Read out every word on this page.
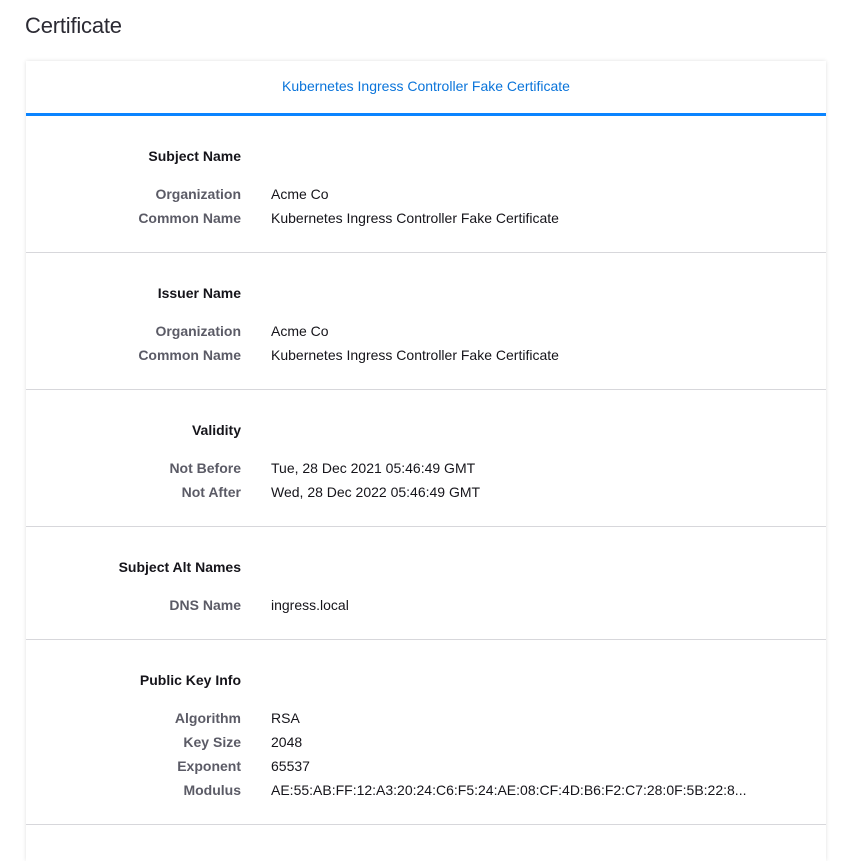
Certificate
Kubernetes Ingress Controller Fake Certificate
Subject Name
Organization Acme Co
Common Name Kubernetes Ingress Controller Fake Certificate
Issuer Name
Organization Acme Co
Common Name Kubernetes Ingress Controller Fake Certificate
Validity
Not Before Tue, 28 Dec 2021 05:46:49 GMT
Not After Wed, 28 Dec 2022 05:46:49 GMT
Subject Alt Names
DNS Name ingress.local
Public Key Info
Algorithm RSA
Key Size 2048
Exponent 65537
Modulus AE:55:AB:FF:12:A3:20:24:C6:F5:24:AE:08:CF:4D:B6:F2:C7:28:0F:5B:22:8...
